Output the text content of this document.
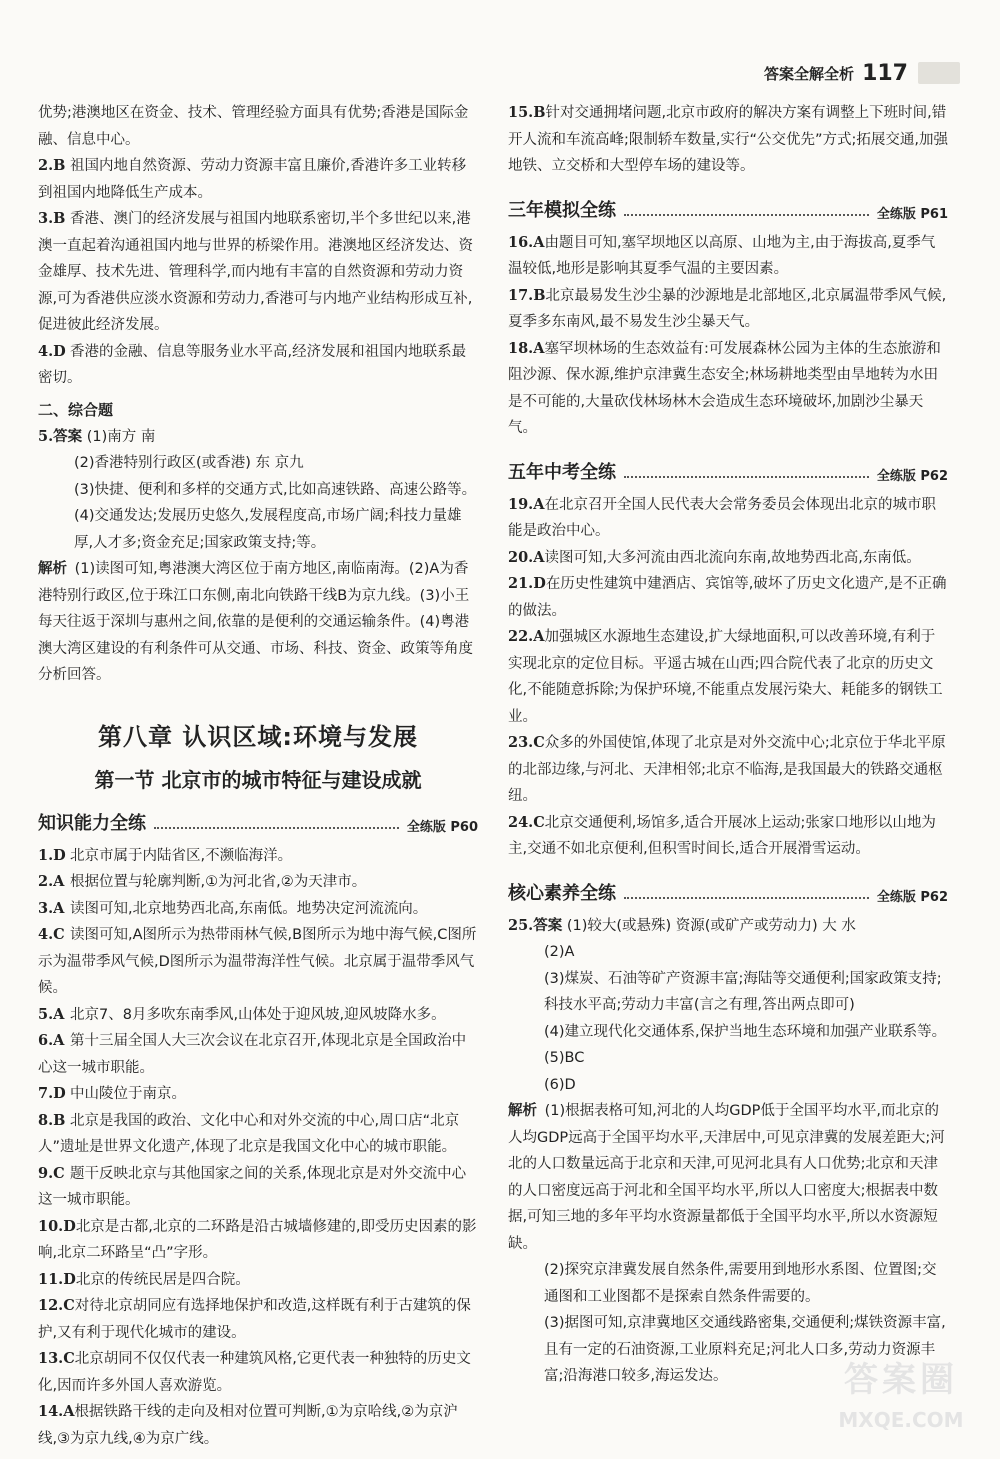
答案全解全析 117
优势;港澳地区在资金、技术、管理经验方面具有优势;香港是国际金融、信息中心。
2.B 祖国内地自然资源、劳动力资源丰富且廉价,香港许多工业转移到祖国内地降低生产成本。
3.B 香港、澳门的经济发展与祖国内地联系密切,半个多世纪以来,港澳一直起着沟通祖国内地与世界的桥梁作用。港澳地区经济发达、资金雄厚、技术先进、管理科学,而内地有丰富的自然资源和劳动力资源,可为香港供应淡水资源和劳动力,香港可与内地产业结构形成互补,促进彼此经济发展。
4.D 香港的金融、信息等服务业水平高,经济发展和祖国内地联系最密切。
二、综合题
5.答案 (1)南方 南
(2)香港特别行政区(或香港) 东 京九
(3)快捷、便利和多样的交通方式,比如高速铁路、高速公路等。
(4)交通发达;发展历史悠久,发展程度高,市场广阔;科技力量雄厚,人才多;资金充足;国家政策支持;等。
解析 (1)读图可知,粤港澳大湾区位于南方地区,南临南海。(2)A为香港特别行政区,位于珠江口东侧,南北向铁路干线B为京九线。(3)小王每天往返于深圳与惠州之间,依靠的是便利的交通运输条件。(4)粤港澳大湾区建设的有利条件可从交通、市场、科技、资金、政策等角度分析回答。
第八章 认识区域:环境与发展
第一节 北京市的城市特征与建设成就
知识能力全练	全练版 P60
1.D 北京市属于内陆省区,不濒临海洋。
2.A 根据位置与轮廓判断,①为河北省,②为天津市。
3.A 读图可知,北京地势西北高,东南低。地势决定河流流向。
4.C 读图可知,A图所示为热带雨林气候,B图所示为地中海气候,C图所示为温带季风气候,D图所示为温带海洋性气候。北京属于温带季风气候。
5.A 北京7、8月多吹东南季风,山体处于迎风坡,迎风坡降水多。
6.A 第十三届全国人大三次会议在北京召开,体现北京是全国政治中心这一城市职能。
7.D 中山陵位于南京。
8.B 北京是我国的政治、文化中心和对外交流的中心,周口店“北京人”遗址是世界文化遗产,体现了北京是我国文化中心的城市职能。
9.C 题干反映北京与其他国家之间的关系,体现北京是对外交流中心这一城市职能。
10.D北京是古都,北京的二环路是沿古城墙修建的,即受历史因素的影响,北京二环路呈“凸”字形。
11.D北京的传统民居是四合院。
12.C对待北京胡同应有选择地保护和改造,这样既有利于古建筑的保护,又有利于现代化城市的建设。
13.C北京胡同不仅仅代表一种建筑风格,它更代表一种独特的历史文化,因而许多外国人喜欢游览。
14.A根据铁路干线的走向及相对位置可判断,①为京哈线,②为京沪线,③为京九线,④为京广线。
15.B针对交通拥堵问题,北京市政府的解决方案有调整上下班时间,错开人流和车流高峰;限制轿车数量,实行“公交优先”方式;拓展交通,加强地铁、立交桥和大型停车场的建设等。
三年模拟全练	全练版 P61
16.A由题目可知,塞罕坝地区以高原、山地为主,由于海拔高,夏季气温较低,地形是影响其夏季气温的主要因素。
17.B北京最易发生沙尘暴的沙源地是北部地区,北京属温带季风气候,夏季多东南风,最不易发生沙尘暴天气。
18.A塞罕坝林场的生态效益有:可发展森林公园为主体的生态旅游和阻沙源、保水源,维护京津冀生态安全;林场耕地类型由旱地转为水田是不可能的,大量砍伐林场林木会造成生态环境破坏,加剧沙尘暴天气。
五年中考全练	全练版 P62
19.A在北京召开全国人民代表大会常务委员会体现出北京的城市职能是政治中心。
20.A读图可知,大多河流由西北流向东南,故地势西北高,东南低。
21.D在历史性建筑中建酒店、宾馆等,破坏了历史文化遗产,是不正确的做法。
22.A加强城区水源地生态建设,扩大绿地面积,可以改善环境,有利于实现北京的定位目标。平遥古城在山西;四合院代表了北京的历史文化,不能随意拆除;为保护环境,不能重点发展污染大、耗能多的钢铁工业。
23.C众多的外国使馆,体现了北京是对外交流中心;北京位于华北平原的北部边缘,与河北、天津相邻;北京不临海,是我国最大的铁路交通枢纽。
24.C北京交通便利,场馆多,适合开展冰上运动;张家口地形以山地为主,交通不如北京便利,但积雪时间长,适合开展滑雪运动。
核心素养全练	全练版 P62
25.答案 (1)较大(或悬殊) 资源(或矿产或劳动力) 大 水
(2)A
(3)煤炭、石油等矿产资源丰富;海陆等交通便利;国家政策支持;科技水平高;劳动力丰富(言之有理,答出两点即可)
(4)建立现代化交通体系,保护当地生态环境和加强产业联系等。
(5)BC
(6)D
解析 (1)根据表格可知,河北的人均GDP低于全国平均水平,而北京的人均GDP远高于全国平均水平,天津居中,可见京津冀的发展差距大;河北的人口数量远高于北京和天津,可见河北具有人口优势;北京和天津的人口密度远高于河北和全国平均水平,所以人口密度大;根据表中数据,可知三地的多年平均水资源量都低于全国平均水平,所以水资源短缺。
(2)探究京津冀发展自然条件,需要用到地形水系图、位置图;交通图和工业图都不是探索自然条件需要的。
(3)据图可知,京津冀地区交通线路密集,交通便利;煤铁资源丰富,且有一定的石油资源,工业原料充足;河北人口多,劳动力资源丰富;沿海港口较多,海运发达。	答案圈
MXQE.COM
